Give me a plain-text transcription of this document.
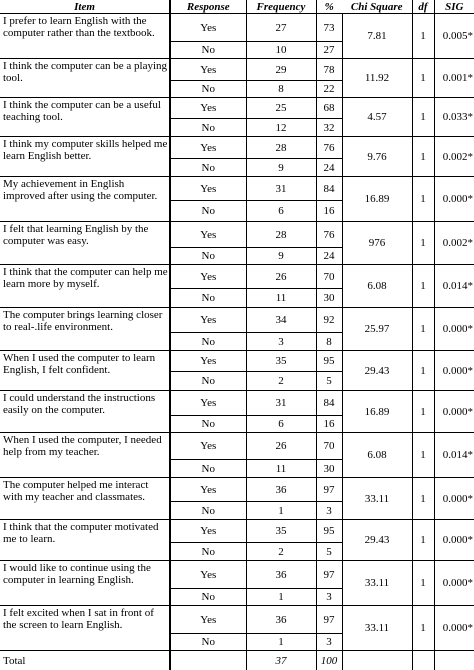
Item	Response	Frequency	%	Chi Square	df	SIG
I prefer to learn English with the computer rather than the textbook.	Yes	27	73	7.81	1	0.005*
	No	10	27			
I think the computer can be a playing tool.	Yes	29	78	11.92	1	0.001*
	No	8	22			
I think the computer can be a useful teaching tool.	Yes	25	68	4.57	1	0.033*
	No	12	32			
I think my computer skills helped me learn English better.	Yes	28	76	9.76	1	0.002*
	No	9	24			
My achievement in English improved after using the computer.	Yes	31	84	16.89	1	0.000*
	No	6	16			
I felt that learning English by the computer was easy.	Yes	28	76	976	1	0.002*
	No	9	24			
I think that the computer can help me learn more by myself.	Yes	26	70	6.08	1	0.014*
	No	11	30			
The computer brings learning closer to real-.life environment.	Yes	34	92	25.97	1	0.000*
	No	3	8			
When I used the computer to learn English, I felt confident.	Yes	35	95	29.43	1	0.000*
	No	2	5			
I could understand the instructions easily on the computer.	Yes	31	84	16.89	1	0.000*
	No	6	16			
When I used the computer, I needed help from my teacher.	Yes	26	70	6.08	1	0.014*
	No	11	30			
The computer helped me interact with my teacher and classmates.	Yes	36	97	33.11	1	0.000*
	No	1	3			
I think that the computer motivated me to learn.	Yes	35	95	29.43	1	0.000*
	No	2	5			
I would like to continue using the computer in learning English.	Yes	36	97	33.11	1	0.000*
	No	1	3			
I felt excited when I sat in front of the screen to learn English.	Yes	36	97	33.11	1	0.000*
	No	1	3			
Total		37	100			
